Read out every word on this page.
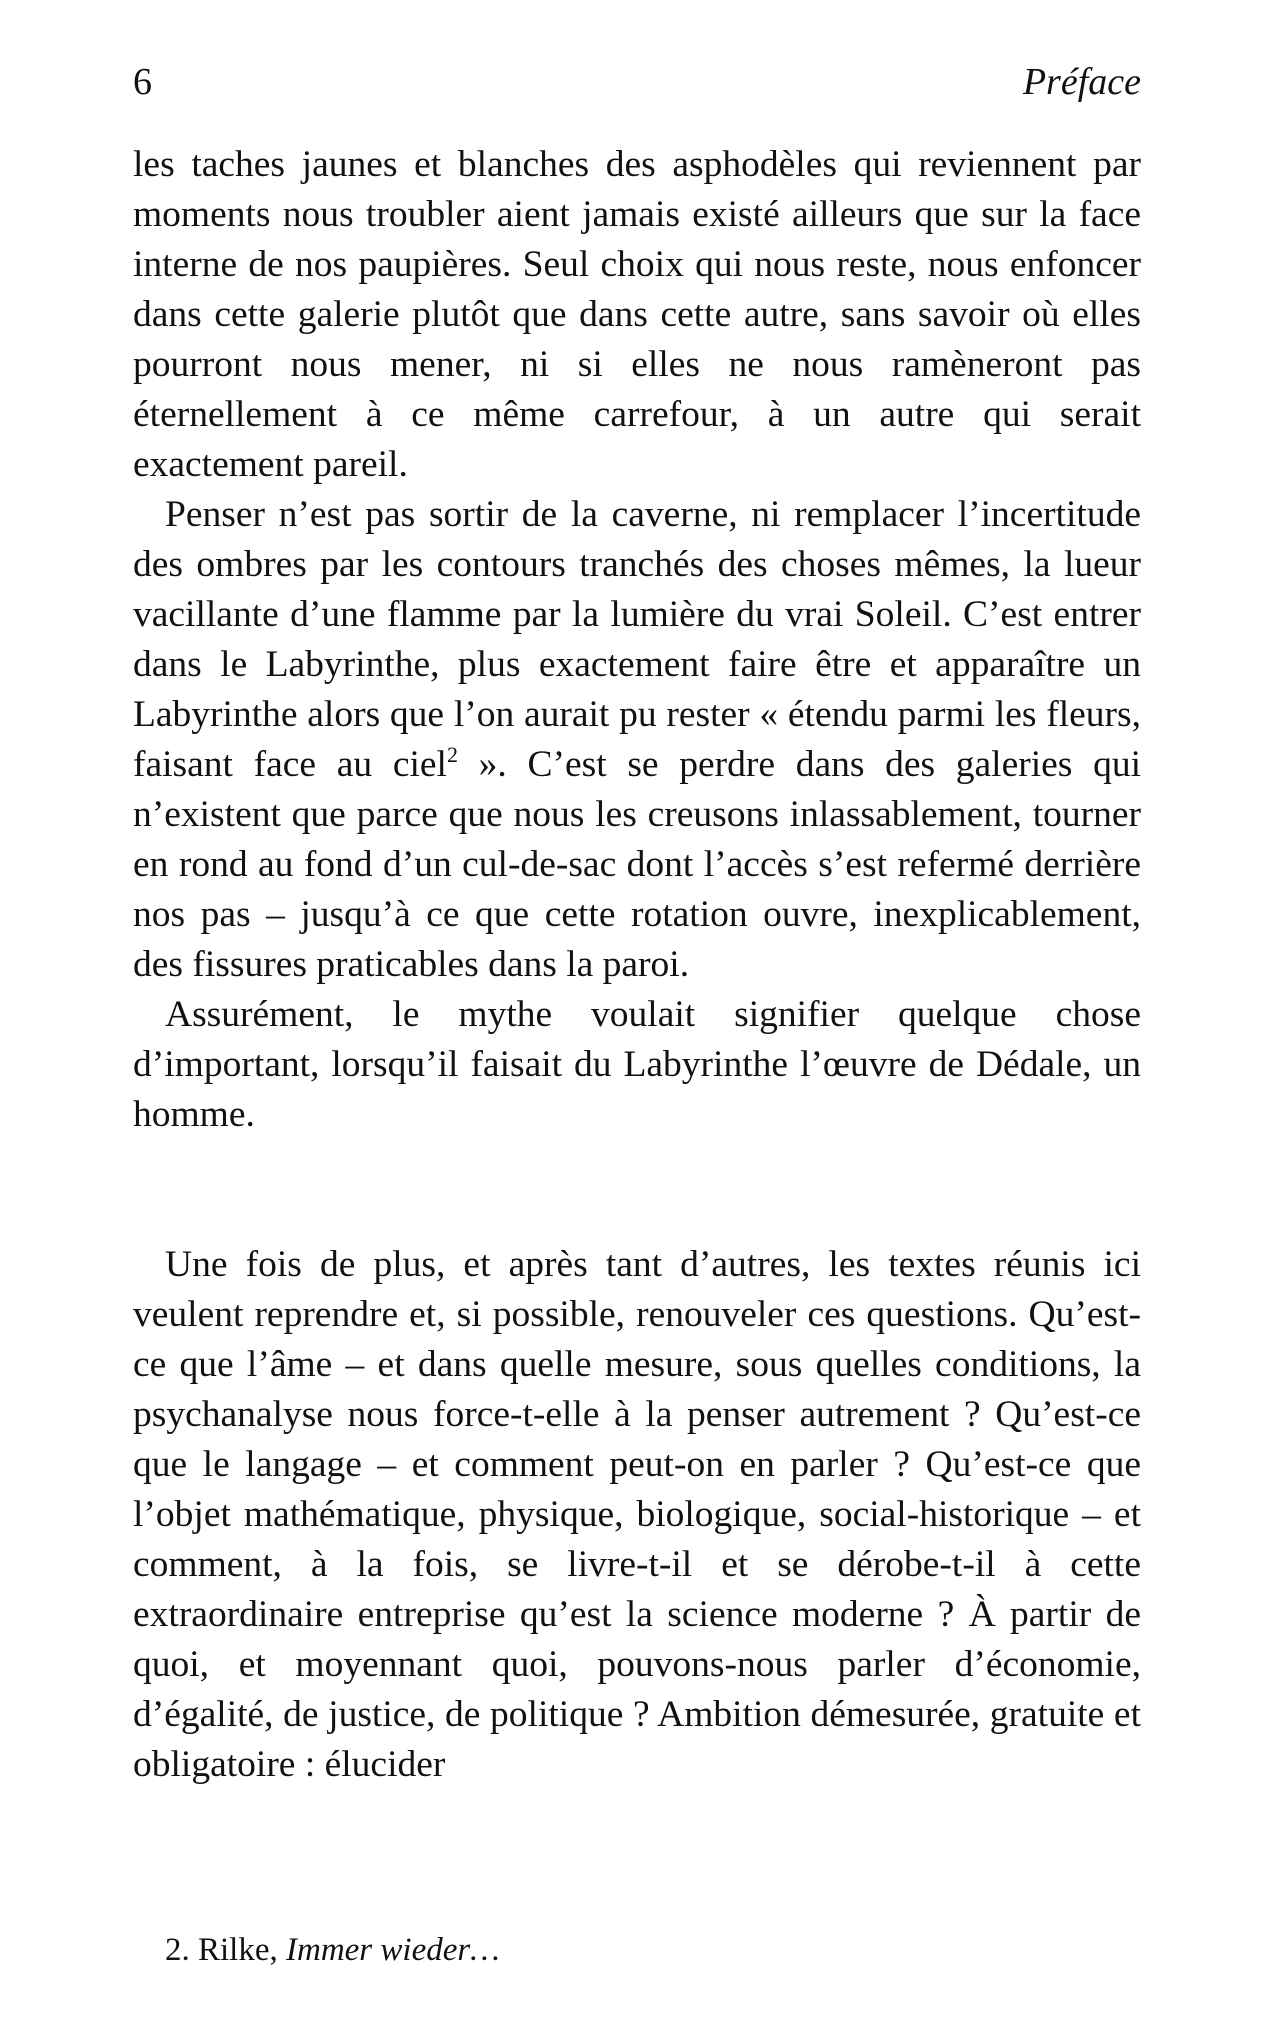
6	Préface

les taches jaunes et blanches des asphodèles qui reviennent par moments nous troubler aient jamais existé ailleurs que sur la face interne de nos paupières. Seul choix qui nous reste, nous enfoncer dans cette galerie plutôt que dans cette autre, sans savoir où elles pourront nous mener, ni si elles ne nous ramèneront pas éternellement à ce même carrefour, à un autre qui serait exactement pareil.

Penser n’est pas sortir de la caverne, ni remplacer l’incertitude des ombres par les contours tranchés des choses mêmes, la lueur vacillante d’une flamme par la lumière du vrai Soleil. C’est entrer dans le Labyrinthe, plus exactement faire être et apparaître un Labyrinthe alors que l’on aurait pu rester « étendu parmi les fleurs, faisant face au ciel$^2$ ». C’est se perdre dans des galeries qui n’existent que parce que nous les creusons inlassablement, tourner en rond au fond d’un cul-de-sac dont l’accès s’est refermé derrière nos pas – jusqu’à ce que cette rotation ouvre, inexplicablement, des fissures praticables dans la paroi.

Assurément, le mythe voulait signifier quelque chose d’important, lorsqu’il faisait du Labyrinthe l’œuvre de Dédale, un homme.

Une fois de plus, et après tant d’autres, les textes réunis ici veulent reprendre et, si possible, renouveler ces questions. Qu’est-ce que l’âme – et dans quelle mesure, sous quelles conditions, la psychanalyse nous force-t-elle à la penser autrement ? Qu’est-ce que le langage – et comment peut-on en parler ? Qu’est-ce que l’objet mathématique, physique, biologique, social-historique – et comment, à la fois, se livre-t-il et se dérobe-t-il à cette extraordinaire entreprise qu’est la science moderne ? À partir de quoi, et moyennant quoi, pouvons-nous parler d’économie, d’égalité, de justice, de politique ? Ambition démesurée, gratuite et obligatoire : élucider

2. Rilke, Immer wieder…
